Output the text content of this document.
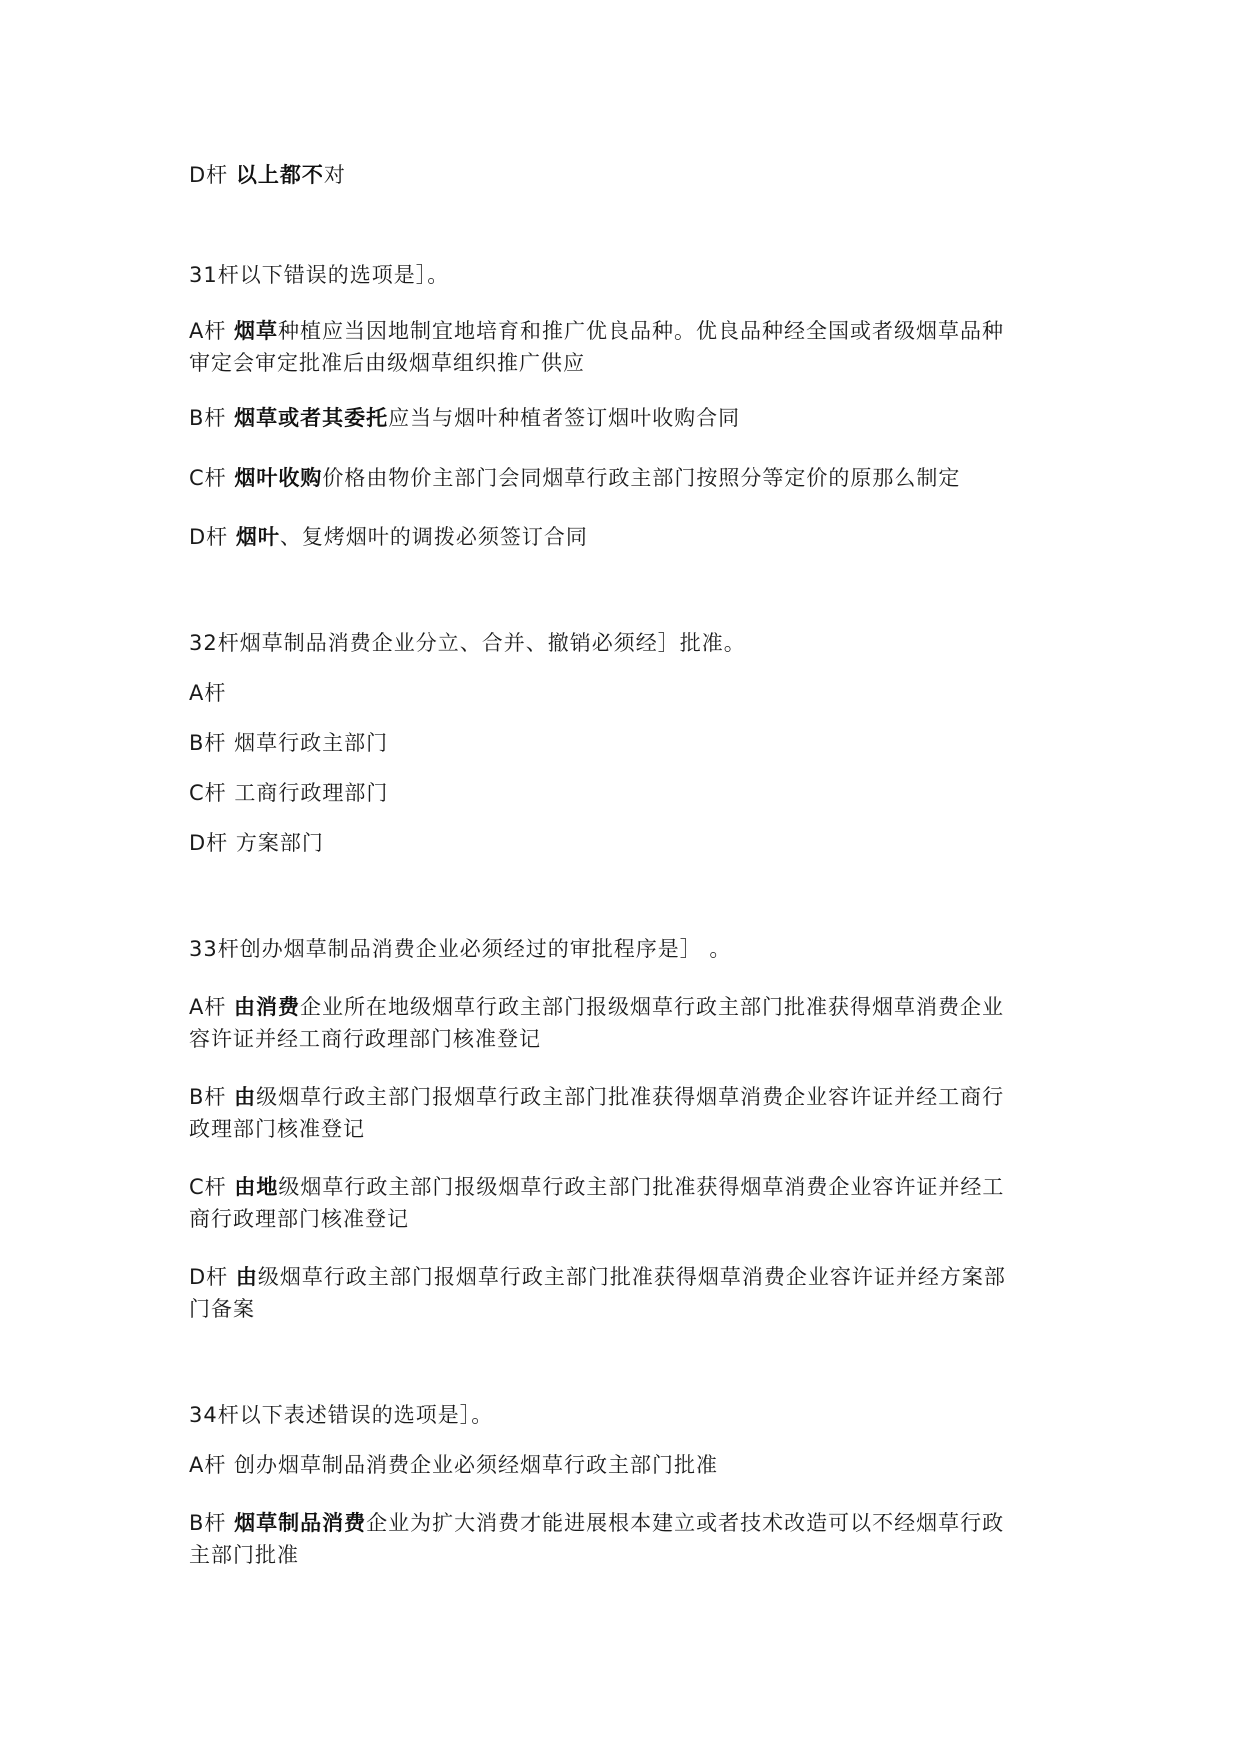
D杆 以上都不对
31杆以下错误的选项是］。
A杆 烟草种植应当因地制宜地培育和推广优良品种。优良品种经全国或者级烟草品种
审定会审定批准后由级烟草组织推广供应
B杆 烟草或者其委托应当与烟叶种植者签订烟叶收购合同
C杆 烟叶收购价格由物价主部门会同烟草行政主部门按照分等定价的原那么制定
D杆 烟叶、复烤烟叶的调拨必须签订合同
32杆烟草制品消费企业分立、合并、撤销必须经］批准。
A杆
B杆 烟草行政主部门
C杆 工商行政理部门
D杆 方案部门
33杆创办烟草制品消费企业必须经过的审批程序是］ 。
A杆 由消费企业所在地级烟草行政主部门报级烟草行政主部门批准获得烟草消费企业
容许证并经工商行政理部门核准登记
B杆 由级烟草行政主部门报烟草行政主部门批准获得烟草消费企业容许证并经工商行
政理部门核准登记
C杆 由地级烟草行政主部门报级烟草行政主部门批准获得烟草消费企业容许证并经工
商行政理部门核准登记
D杆 由级烟草行政主部门报烟草行政主部门批准获得烟草消费企业容许证并经方案部
门备案
34杆以下表述错误的选项是］。
A杆 创办烟草制品消费企业必须经烟草行政主部门批准
B杆 烟草制品消费企业为扩大消费才能进展根本建立或者技术改造可以不经烟草行政
主部门批准
